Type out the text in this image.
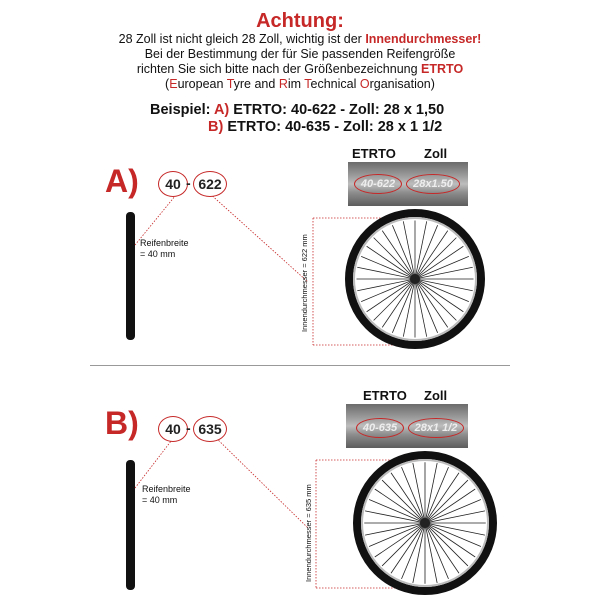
Achtung:
28 Zoll ist nicht gleich 28 Zoll, wichtig ist der Innendurchmesser!
Bei der Bestimmung der für Sie passenden Reifengröße
richten Sie sich bitte nach der Größenbezeichnung ETRTO
(European Tyre and Rim Technical Organisation)
Beispiel: A) ETRTO: 40-622 - Zoll: 28 x 1,50
B) ETRTO: 40-635 - Zoll: 28 x 1 1/2
A)	40 - 622
Reifenbreite
= 40 mm	Innendurchmesser = 622 mm
ETRTO Zoll
40-622	28x1.50
B)	40 - 635
Reifenbreite
= 40 mm	Innendurchmesser = 635 mm
ETRTO Zoll
40-635	28x1 1/2
